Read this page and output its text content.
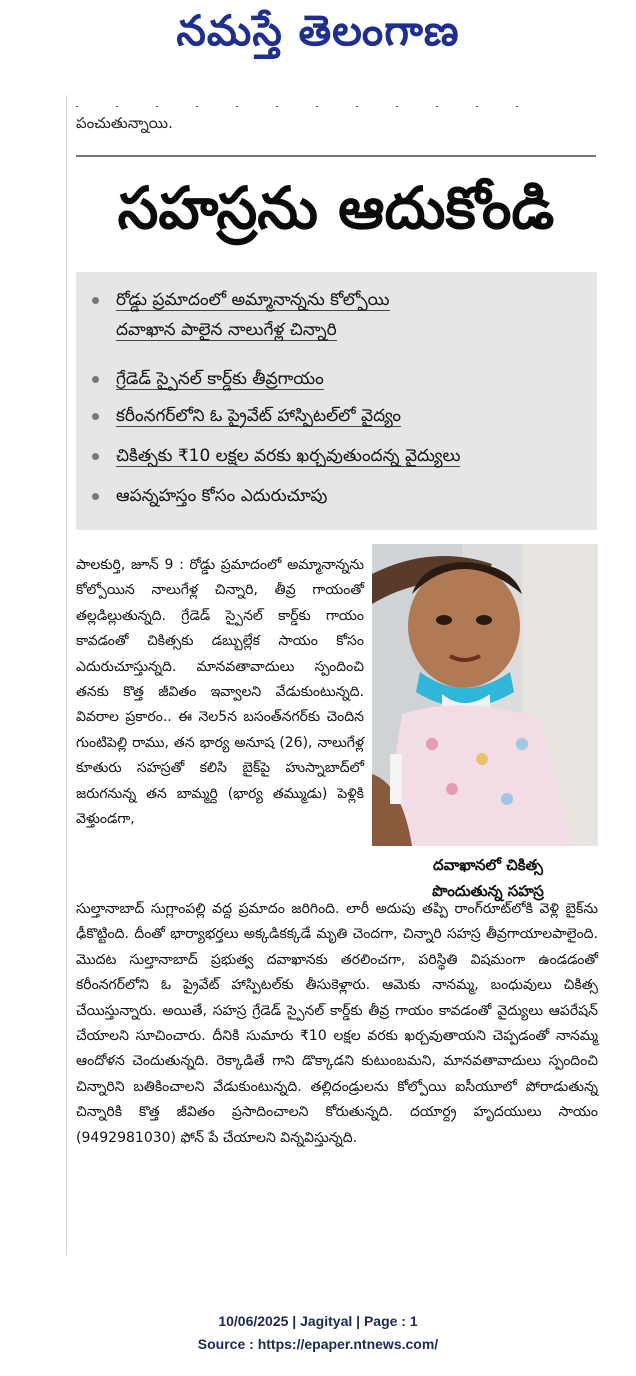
నమస్తే తెలంగాణ
పంచుతున్నాయి.
సహస్రను ఆదుకోండి
రోడ్డు ప్రమాదంలో అమ్మానాన్నను కోల్పోయి
దవాఖాన పాలైన నాలుగేళ్ల చిన్నారి
గ్రేడెడ్ స్పైనల్ కార్డ్‌కు తీవ్రగాయం
కరీంనగర్‌లోని ఓ ప్రైవేట్ హాస్పిటల్‌లో వైద్యం
చికిత్సకు ₹10 లక్షల వరకు ఖర్చవుతుందన్న వైద్యులు
ఆపన్నహస్తం కోసం ఎదురుచూపు
పాలకుర్తి, జూన్ 9 : రోడ్డు ప్రమాదంలో అమ్మానాన్నను కోల్పోయిన నాలుగేళ్ల చిన్నారి, తీవ్ర గాయంతో తల్లడిల్లుతున్నది. గ్రేడెడ్ స్పైనల్ కార్డ్‌కు గాయం కావడంతో చికిత్సకు డబ్బుల్లేక సాయం కోసం ఎదురుచూస్తున్నది. మానవతావాదులు స్పందించి తనకు కొత్త జీవితం ఇవ్వాలని వేడుకుంటున్నది. వివరాల ప్రకారం.. ఈ నెల5న బసంత్‌నగర్‌కు చెందిన గుంటిపెల్లి రాము, తన భార్య అనూష (26), నాలుగేళ్ల కూతురు సహస్రతో కలిసి బైక్‌పై హుస్నాబాద్‌లో జరుగనున్న తన బామ్మర్ది (భార్య తమ్ముడు) పెళ్లికి వెళ్తుండగా,
దవాఖానలో చికిత్స పొందుతున్న సహస్ర
సుల్తానాబాద్ సుగ్లాంపల్లి వద్ద ప్రమాదం జరిగింది. లారీ అదుపు తప్పి రాంగ్‌రూట్‌లోకి వెళ్లి బైక్‌ను ఢీకొట్టింది. దీంతో భార్యాభర్తలు అక్కడికక్కడే మృతి చెందగా, చిన్నారి సహస్ర తీవ్రగాయాలపాలైంది. మొదట సుల్తానాబాద్ ప్రభుత్వ దవాఖానకు తరలించగా, పరిస్థితి విషమంగా ఉండడంతో కరీంనగర్‌లోని ఓ ప్రైవేట్ హాస్పిటల్‌కు తీసుకెళ్లారు. ఆమెకు నానమ్మ, బంధువులు చికిత్స చేయిస్తున్నారు. అయితే, సహస్ర గ్రేడెడ్ స్పైనల్ కార్డ్‌కు తీవ్ర గాయం కావడంతో వైద్యులు ఆపరేషన్ చేయాలని సూచించారు. దీనికి సుమారు ₹10 లక్షల వరకు ఖర్చవుతాయని చెప్పడంతో నానమ్మ ఆందోళన చెందుతున్నది. రెక్కాడితే గాని డొక్కాడని కుటుంబమని, మానవతావాదులు స్పందించి చిన్నారిని బతికించాలని వేడుకుంటున్నది. తల్లిదండ్రులను కోల్పోయి ఐసీయూలో పోరాడుతున్న చిన్నారికి కొత్త జీవితం ప్రసాదించాలని కోరుతున్నది. దయార్ద్ర హృదయులు సాయం (9492981030) ఫోన్ పే చేయాలని విన్నవిస్తున్నది.
10/06/2025 | Jagityal | Page : 1
Source : https://epaper.ntnews.com/
